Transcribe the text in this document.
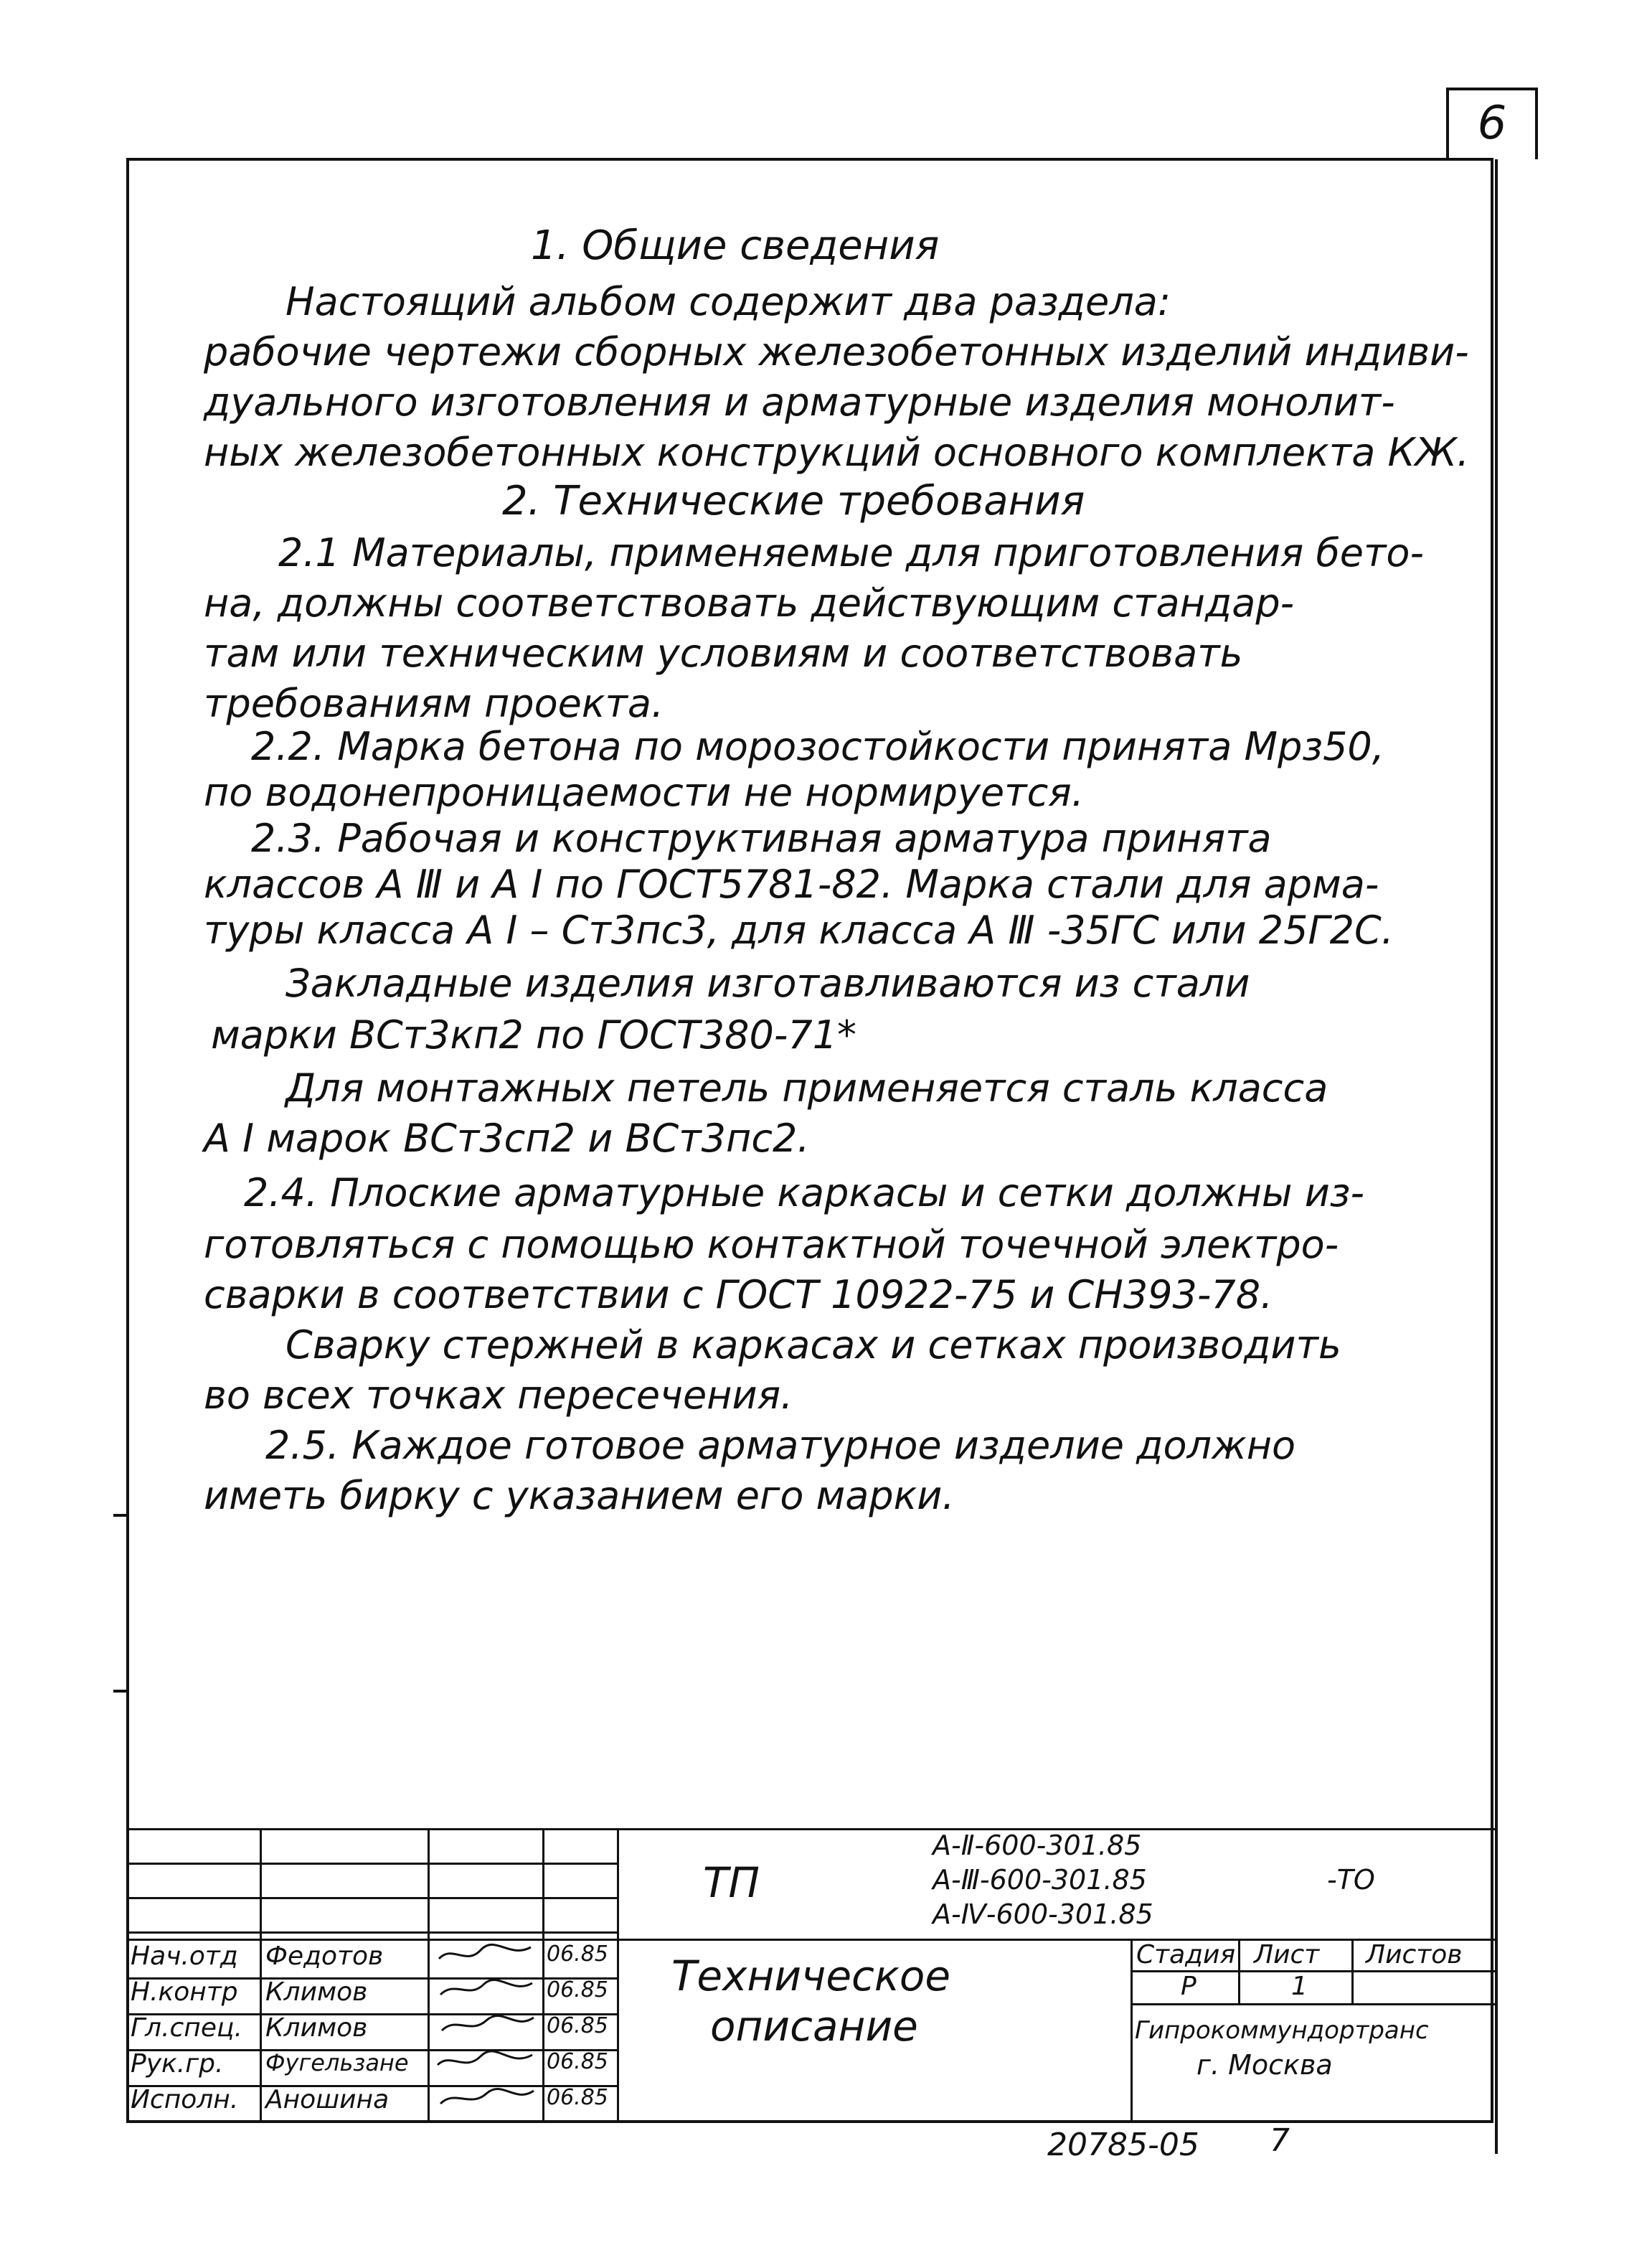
6
1. Общие сведения
Настоящий альбом содержит два раздела:
рабочие чертежи сборных железобетонных изделий индиви-
дуального изготовления и арматурные изделия монолит-
ных железобетонных конструкций основного комплекта КЖ.
2. Технические требования
2.1 Материалы, применяемые для приготовления бето-
на, должны соответствовать действующим стандар-
там или техническим условиям и соответствовать
требованиям проекта.
2.2. Марка бетона по морозостойкости принята Мрз50,
по водонепроницаемости не нормируется.
2.3. Рабочая и конструктивная арматура принята
классов А Ⅲ и А I по ГОСТ5781-82. Марка стали для арма-
туры класса А I – Ст3пс3, для класса А Ⅲ -35ГС или 25Г2С.
Закладные изделия изготавливаются из стали
марки ВСт3кп2 по ГОСТ380-71*
Для монтажных петель применяется сталь класса
А I марок ВСт3сп2 и ВСт3пс2.
2.4. Плоские арматурные каркасы и сетки должны из-
готовляться с помощью контактной точечной электро-
сварки в соответствии с ГОСТ 10922-75 и СН393-78.
Сварку стержней в каркасах и сетках производить
во всех точках пересечения.
2.5. Каждое готовое арматурное изделие должно
иметь бирку с указанием его марки.
ТП
А-Ⅱ-600-301.85
А-Ⅲ-600-301.85
А-Ⅳ-600-301.85
-ТО
Техническое
описание
Стадия Лист Листов
Р	1
Гипрокоммундортранс
г. Москва
Нач.отд Федотов	06.85
Н.контр Климов	06.85
Гл.спец. Климов	06.85
Рук.гр. Фугельзане	06.85
Исполн. Аношина	06.85
20785-05 7
